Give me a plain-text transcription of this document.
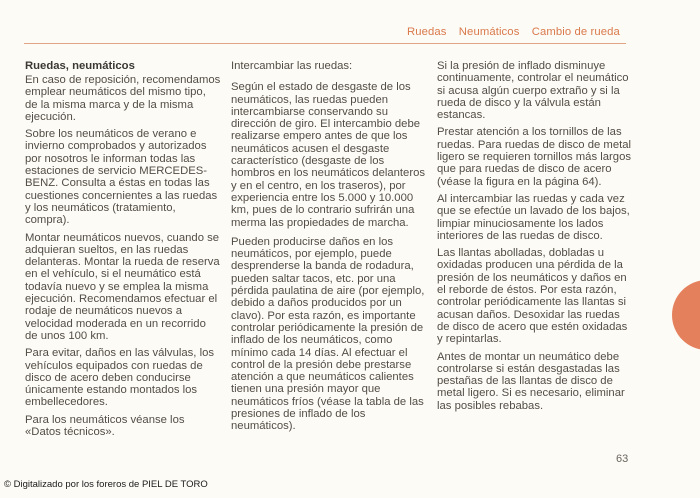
Ruedas Neumáticos Cambio de rueda
Ruedas, neumáticos

En caso de reposición, recomendamos emplear neumáticos del mismo tipo, de la misma marca y de la misma ejecución.

Sobre los neumáticos de verano e invierno comprobados y autorizados por nosotros le informan todas las estaciones de servicio MERCEDES-BENZ. Consulta a éstas en todas las cuestiones concernientes a las ruedas y los neumáticos (tratamiento, compra).

Montar neumáticos nuevos, cuando se adquieran sueltos, en las ruedas delanteras. Montar la rueda de reserva en el vehículo, si el neumático está todavía nuevo y se emplea la misma ejecución. Recomendamos efectuar el rodaje de neumáticos nuevos a velocidad moderada en un recorrido de unos 100 km.

Para evitar, daños en las válvulas, los vehículos equipados con ruedas de disco de acero deben conducirse únicamente estando montados los embellecedores.

Para los neumáticos véanse los «Datos técnicos».

Intercambiar las ruedas:

Según el estado de desgaste de los neumáticos, las ruedas pueden intercambiarse conservando su dirección de giro. El intercambio debe realizarse empero antes de que los neumáticos acusen el desgaste característico (desgaste de los hombros en los neumáticos delanteros y en el centro, en los traseros), por experiencia entre los 5.000 y 10.000 km, pues de lo contrario sufrirán una merma las propiedades de marcha.

Pueden producirse daños en los neumáticos, por ejemplo, puede desprenderse la banda de rodadura, pueden saltar tacos, etc. por una pérdida paulatina de aire (por ejemplo, debido a daños producidos por un clavo). Por esta razón, es importante controlar periódicamente la presión de inflado de los neumáticos, como mínimo cada 14 días. Al efectuar el control de la presión debe prestarse atención a que neumáticos calientes tienen una presión mayor que neumáticos fríos (véase la tabla de las presiones de inflado de los neumáticos).

Si la presión de inflado disminuye continuamente, controlar el neumático si acusa algún cuerpo extraño y si la rueda de disco y la válvula están estancas.

Prestar atención a los tornillos de las ruedas. Para ruedas de disco de metal ligero se requieren tornillos más largos que para ruedas de disco de acero (véase la figura en la página 64).

Al intercambiar las ruedas y cada vez que se efectúe un lavado de los bajos, limpiar minuciosamente los lados interiores de las ruedas de disco.

Las llantas abolladas, dobladas u oxidadas producen una pérdida de la presión de los neumáticos y daños en el reborde de éstos. Por esta razón, controlar periódicamente las llantas si acusan daños. Desoxidar las ruedas de disco de acero que estén oxidadas y repintarlas.

Antes de montar un neumático debe controlarse si están desgastadas las pestañas de las llantas de disco de metal ligero. Si es necesario, eliminar las posibles rebabas.

63
© Digitalizado por los foreros de PIEL DE TORO
